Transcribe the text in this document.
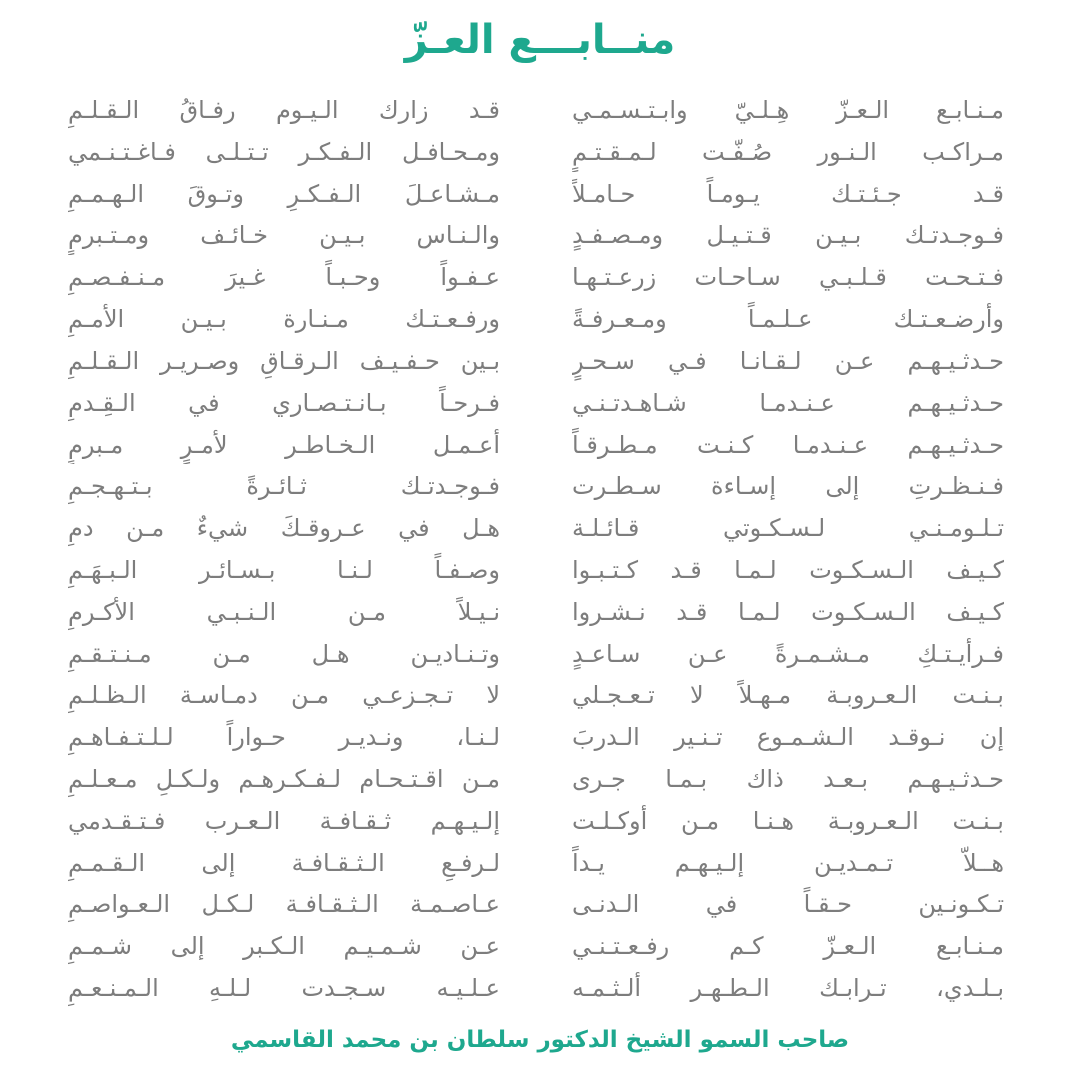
منــابـــع العـزّ
مـنـابـع الـعـزّ هِـلـيّ وابـتـسـمـي
مـراكـب الـنـور صُـفّـت لـمـقـتـمٍ
قـد جـئـتـك يـومـاً حـامـلاً
فـوجـدتـك بـيـن قـتـيـل ومـصـفـدٍ
فـتـحـت قـلـبـي سـاحـات زرعـتـهـا
وأرضـعـتـك عـلـمـاً ومـعـرفـةً
حـدثـيـهـم عـن لـقـانـا فـي سـحـرٍ
حـدثـيـهـم عـنـدمـا شـاهـدتـنـي
حـدثـيـهـم عـنـدمـا كـنـت مـطـرقـاً
فـنـظـرتِ إلى إسـاءة سـطـرت
تـلـومـنـي لـسـكـوتي قـائـلـة
كـيـف الـسـكـوت لـمـا قـد كـتـبـوا
كـيـف الـسـكـوت لـمـا قـد نـشـروا
فـرأيـتـكِ مـشـمـرةً عـن سـاعـدٍ
بـنـت الـعـروبـة مـهـلاً لا تـعـجـلي
إن نـوقـد الـشـمـوع تـنـير الـدربَ
حـدثـيـهـم بـعـد ذاك بـمـا جـرى
بـنـت الـعـروبـة هـنـا مـن أوكـلـت
هــلاّ تـمـديـن إلـيـهـم يـداً
تـكـونـين حـقـاً في الـدنـى
مـنـابـع الـعـزّ كـم رفـعـتـنـي
بـلـدي، تـرابـك الـطـهـر ألـثـمـه
قـد زارك الـيـوم رفـاقُ الـقـلـمِ
ومـحـافـل الـفـكـر تـتـلـى فـاغـتـنـمي
مـشـاعـلَ الـفـكـرِ وتـوقَ الـهـمـمِ
والـنـاس بـيـن خـائـف ومـتـبرمٍ
عـفـواً وحـبـاً غـيرَ مـنـفـصـمِ
ورفـعـتـك مـنـارة بـيـن الأمـمِ
بـين حـفـيـف الـرقـاقِ وصـريـر الـقـلـمِ
فـرحـاً بـانـتـصـاري في الـقِـدمِ
أعـمـل الـخـاطـر لأمـرٍ مـبرمٍ
فـوجـدتـك ثـائـرةً بـتـهـجـمِ
هـل في عـروقـكَ شيءٌ مـن دمِ
وصـفـاً لـنـا بـسـائـر الـبـهَـمِ
نـيـلاً مـن الـنـبـي الأكـرمِ
وتـنـاديـن هـل مـن مـنـتـقـمِ
لا تـجـزعـي مـن دمـاسـة الـظـلـمِ
لـنـا، ونـديـر حـواراً لـلـتـفـاهـمِ
مـن اقـتـحـام لـفـكـرهـم ولـكـلِ مـعـلـمِ
إلـيـهـم ثـقـافـة الـعـرب فـتـقـدمي
لـرفـعِ الـثـقـافـة إلى الـقـمـمِ
عـاصـمـة الـثـقـافـة لـكـل الـعـواصـمِ
عـن شـمـيـم الـكـبر إلى شـمـمِ
عـلـيـه سـجـدت لـلـهِ الـمـنـعـمِ
صاحب السمو الشيخ الدكتور سلطان بن محمد القاسمي
